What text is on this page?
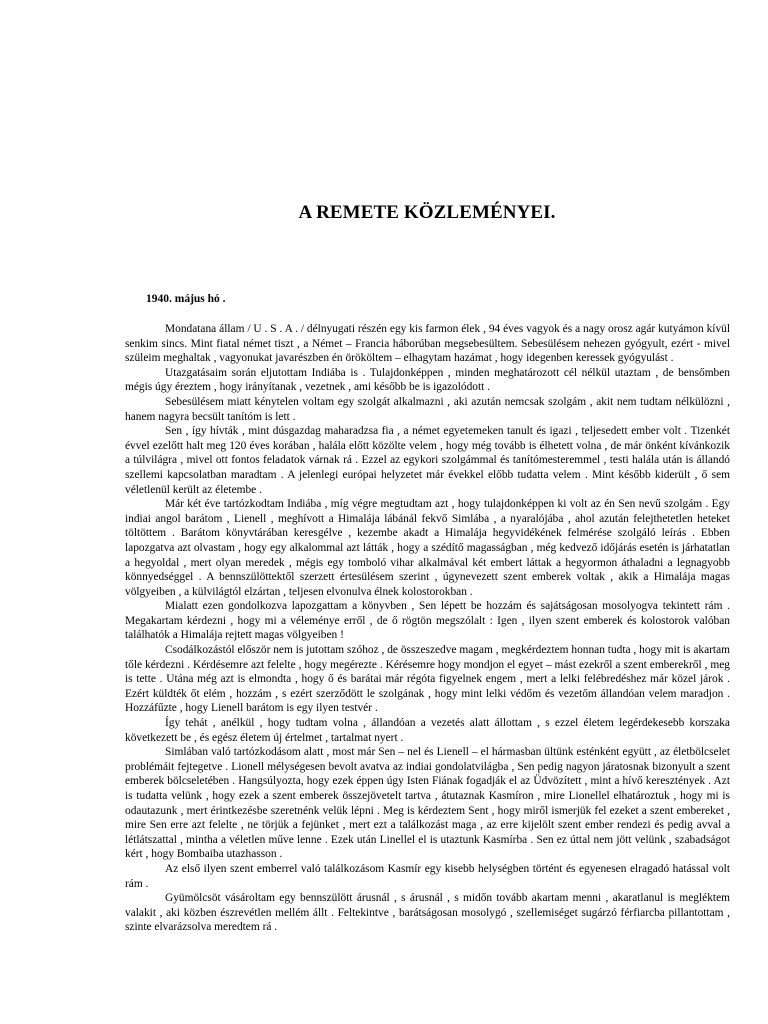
A REMETE KÖZLEMÉNYEI.

1940. május hó .

Mondatana állam / U . S . A . / délnyugati részén egy kis farmon élek , 94 éves vagyok és a nagy orosz agár kutyámon kívül senkim sincs. Mint fiatal német tiszt , a Német – Francia háborúban megsebesültem. Sebesülésem nehezen gyógyult, ezért - mivel szüleim meghaltak , vagyonukat javarészben én örököltem – elhagytam hazámat , hogy idegenben keressek gyógyulást .

Utazgatásaim során eljutottam Indiába is . Tulajdonképpen , minden meghatározott cél nélkül utaztam , de bensőmben mégis úgy éreztem , hogy irányítanak , vezetnek , ami később be is igazolódott .

Sebesülésem miatt kénytelen voltam egy szolgát alkalmazni , aki azután nemcsak szolgám , akit nem tudtam nélkülözni , hanem nagyra becsült tanítóm is lett .

Sen , így hívták , mint dúsgazdag maharadzsa fia , a német egyetemeken tanult és igazi , teljesedett ember volt . Tizenkét évvel ezelőtt halt meg 120 éves korában , halála előtt közölte velem , hogy még tovább is élhetett volna , de már önként kívánkozik a túlvilágra , mivel ott fontos feladatok várnak rá . Ezzel az egykori szolgámmal és tanítómesteremmel , testi halála után is állandó szellemi kapcsolatban maradtam . A jelenlegi európai helyzetet már évekkel előbb tudatta velem . Mint később kiderült , ő sem véletlenül került az életembe .

Már két éve tartózkodtam Indiába , míg végre megtudtam azt , hogy tulajdonképpen ki volt az én Sen nevű szolgám . Egy indiai angol barátom , Lienell , meghívott a Himalája lábánál fekvő Simlába , a nyaralójába , ahol azután felejthetetlen heteket töltöttem . Barátom könyvtárában keresgélve , kezembe akadt a Himalája hegyvidékének felmérése szolgáló leírás . Ebben lapozgatva azt olvastam , hogy egy alkalommal azt látták , hogy a szédítő magasságban , még kedvező időjárás esetén is járhatatlan a hegyoldal , mert olyan meredek , mégis egy tomboló vihar alkalmával két embert láttak a hegyormon áthaladni a legnagyobb könnyedséggel . A bennszülöttektől szerzett értesülésem szerint , úgynevezett szent emberek voltak , akik a Himalája magas völgyeiben , a külvilágtól elzártan , teljesen elvonulva élnek kolostorokban .

Mialatt ezen gondolkozva lapozgattam a könyvben , Sen lépett be hozzám és sajátságosan mosolyogva tekintett rám . Megakartam kérdezni , hogy mi a véleménye erről , de ő rögtön megszólalt : Igen , ilyen szent emberek és kolostorok valóban találhatók a Himalája rejtett magas völgyeiben !

Csodálkozástól először nem is jutottam szóhoz , de összeszedve magam , megkérdeztem honnan tudta , hogy mit is akartam tőle kérdezni . Kérdésemre azt felelte , hogy megérezte . Kérésemre hogy mondjon el egyet – mást ezekről a szent emberekről , meg is tette . Utána még azt is elmondta , hogy ő és barátai már régóta figyelnek engem , mert a lelki felébredéshez már közel járok . Ezért küldték őt elém , hozzám , s ezért szerződött le szolgának , hogy mint lelki védőm és vezetőm állandóan velem maradjon . Hozzáfűzte , hogy Lienell barátom is egy ilyen testvér .

Így tehát , anélkül , hogy tudtam volna , állandóan a vezetés alatt állottam , s ezzel életem legérdekesebb korszaka következett be , és egész életem új értelmet , tartalmat nyert .

Simlában való tartózkodásom alatt , most már Sen – nel és Lienell – el hármasban ültünk esténként együtt , az életbölcselet problémáit fejtegetve . Lionell mélységesen bevolt avatva az indiai gondolatvilágba , Sen pedig nagyon járatosnak bizonyult a szent emberek bölcseletében . Hangsúlyozta, hogy ezek éppen úgy Isten Fiának fogadják el az Üdvözített , mint a hívő keresztények . Azt is tudatta velünk , hogy ezek a szent emberek összejövetelt tartva , átutaznak Kasmíron , mire Lionellel elhatároztuk , hogy mi is odautazunk , mert érintkezésbe szeretnénk velük lépni . Meg is kérdeztem Sent , hogy miről ismerjük fel ezeket a szent embereket , mire Sen erre azt felelte , ne törjük a fejünket , mert ezt a találkozást maga , az erre kijelölt szent ember rendezi és pedig avval a létlátszattal , mintha a véletlen műve lenne . Ezek után Linellel el is utaztunk Kasmírba . Sen ez úttal nem jött velünk , szabadságot kért , hogy Bombaiba utazhasson .

Az első ilyen szent emberrel való találkozásom Kasmír egy kisebb helységben történt és egyenesen elragadó hatással volt rám .

Gyümölcsöt vásároltam egy bennszülött árusnál , s árusnál , s midőn tovább akartam menni , akaratlanul is megléktem valakit , aki közben észrevétlen mellém állt . Feltekintve , barátságosan mosolygó , szellemiséget sugárzó férfiarcba pillantottam , szinte elvarázsolva meredtem rá .
